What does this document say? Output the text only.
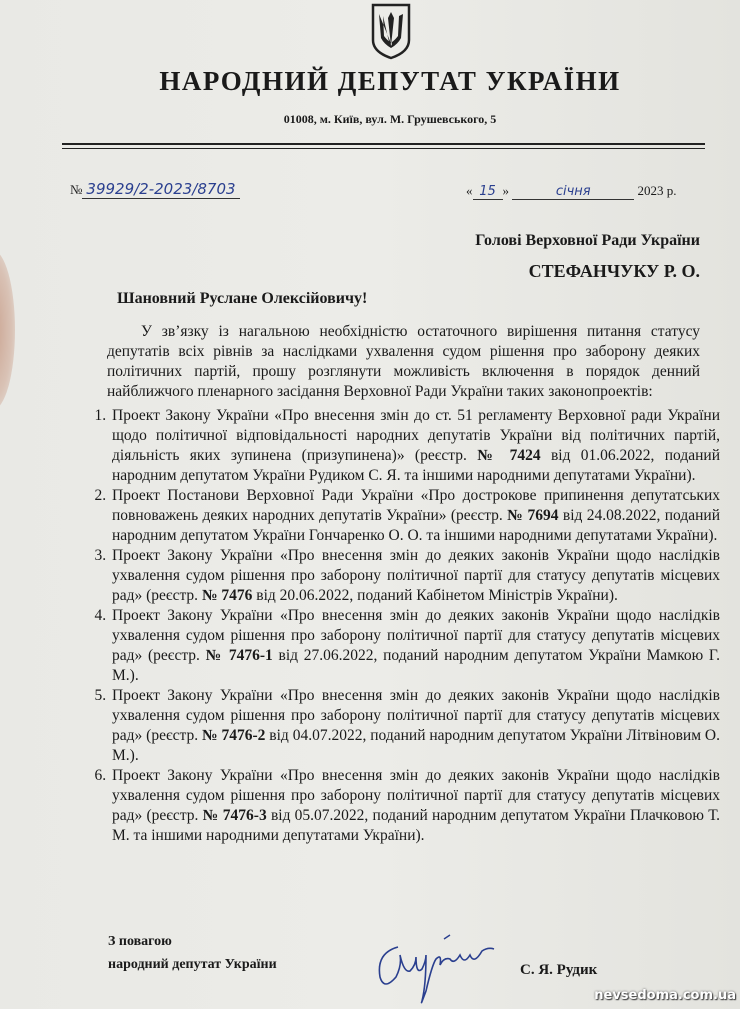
НАРОДНИЙ ДЕПУТАТ УКРАЇНИ
01008, м. Київ, вул. М. Грушевського, 5
№ 39929/2-2023/8703	« 15 »	січня	2023 р.
Голові Верховної Ради України
СТЕФАНЧУКУ Р. О.
Шановний Руслане Олексійовичу!
У зв’язку із нагальною необхідністю остаточного вирішення питання статусу депутатів всіх рівнів за наслідками ухвалення судом рішення про заборону деяких політичних партій, прошу розглянути можливість включення в порядок денний найближчого пленарного засідання Верховної Ради України таких законопроектів:
1. Проект Закону України «Про внесення змін до ст. 51 регламенту Верховної ради України щодо політичної відповідальності народних депутатів України від політичних партій, діяльність яких зупинена (призупинена)» (реєстр. № 7424 від 01.06.2022, поданий народним депутатом України Рудиком С. Я. та іншими народними депутатами України).
2. Проект Постанови Верховної Ради України «Про дострокове припинення депутатських повноважень деяких народних депутатів України» (реєстр. № 7694 від 24.08.2022, поданий народним депутатом України Гончаренко О. О. та іншими народними депутатами України).
3. Проект Закону України «Про внесення змін до деяких законів України щодо наслідків ухвалення судом рішення про заборону політичної партії для статусу депутатів місцевих рад» (реєстр. № 7476 від 20.06.2022, поданий Кабінетом Міністрів України).
4. Проект Закону України «Про внесення змін до деяких законів України щодо наслідків ухвалення судом рішення про заборону політичної партії для статусу депутатів місцевих рад» (реєстр. № 7476-1 від 27.06.2022, поданий народним депутатом України Мамкою Г. М.).
5. Проект Закону України «Про внесення змін до деяких законів України щодо наслідків ухвалення судом рішення про заборону політичної партії для статусу депутатів місцевих рад» (реєстр. № 7476-2 від 04.07.2022, поданий народним депутатом України Літвіновим О. М.).
6. Проект Закону України «Про внесення змін до деяких законів України щодо наслідків ухвалення судом рішення про заборону політичної партії для статусу депутатів місцевих рад» (реєстр. № 7476-3 від 05.07.2022, поданий народним депутатом України Плачковою Т. М. та іншими народними депутатами України).
З повагою
народний депутат України	С. Я. Рудик
nevsedoma.com.ua
